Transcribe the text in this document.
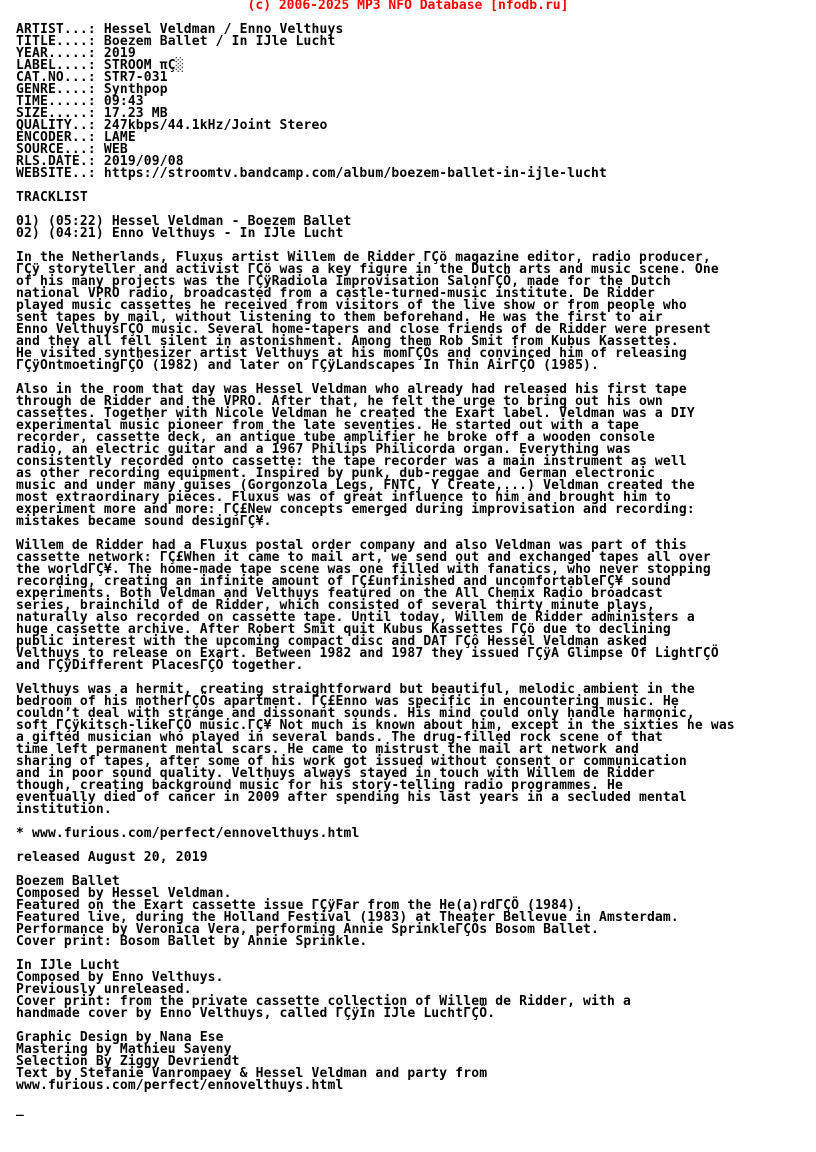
(c) 2006-2025 MP3 NFO Database [nfodb.ru]
ARTIST...: Hessel Veldman / Enno Velthuys
TITLE....: Boezem Ballet / In IJle Lucht
YEAR.....: 2019
LABEL....: STROOM πÇ░
CAT.NO...: STR7-031
GENRE....: Synthpop
TIME.....: 09:43
SIZE.....: 17.23 MB
QUALITY..: 247kbps/44.1kHz/Joint Stereo
ENCODER..: LAME
SOURCE...: WEB
RLS.DATE.: 2019/09/08
WEBSITE..: https://stroomtv.bandcamp.com/album/boezem-ballet-in-ijle-lucht

TRACKLIST

01) (05:22) Hessel Veldman - Boezem Ballet
02) (04:21) Enno Velthuys - In IJle Lucht

In the Netherlands, Fluxus artist Willem de Ridder ΓÇö magazine editor, radio producer,
ΓÇÿ storyteller and activist ΓÇö was a key figure in the Dutch arts and music scene. One
of his many projects was the ΓÇÿRadiola Improvisation SalonΓÇÖ, made for the Dutch
national VPRO radio, broadcasted from a castle-turned-music institute. De Ridder
played music cassettes he received from visitors of the live show or from people who
sent tapes by mail, without listening to them beforehand. He was the first to air
Enno VelthuysΓÇÖ music. Several home-tapers and close friends of de Ridder were present
and they all fell silent in astonishment. Among them Rob Smit from Kubus Kassettes.
He visited synthesizer artist Velthuys at his momΓÇÖs and convinced him of releasing
ΓÇÿOntmoetingΓÇÖ (1982) and later on ΓÇÿLandscapes In Thin AirΓÇÖ (1985).

Also in the room that day was Hessel Veldman who already had released his first tape
through de Ridder and the VPRO. After that, he felt the urge to bring out his own
cassettes. Together with Nicole Veldman he created the Exart label. Veldman was a DIY
experimental music pioneer from the late seventies. He started out with a tape
recorder, cassette deck, an antique tube amplifier he broke off a wooden console
radio, an electric guitar and a 1967 Philips Philicorda organ. Everything was
consistently recorded onto cassette: the tape recorder was a main instrument as well
as other recording equipment. Inspired by punk, dub-reggae and German electronic
music and under many guises (Gorgonzola Legs, FNTC, Y Create,...) Veldman created the
most extraordinary pieces. Fluxus was of great influence to him and brought him to
experiment more and more: ΓÇ£New concepts emerged during improvisation and recording:
mistakes became sound designΓÇ¥.

Willem de Ridder had a Fluxus postal order company and also Veldman was part of this
cassette network: ΓÇ£When it came to mail art, we send out and exchanged tapes all over
the worldΓÇ¥. The home-made tape scene was one filled with fanatics, who never stopping
recording, creating an infinite amount of ΓÇ£unfinished and uncomfortableΓÇ¥ sound
experiments. Both Veldman and Velthuys featured on the All Chemix Radio broadcast
series, brainchild of de Ridder, which consisted of several thirty minute plays,
naturally also recorded on cassette tape. Until today, Willem de Ridder administers a
huge cassette archive. After Robert Smit quit Kubus Kassettes ΓÇö due to declining
public interest with the upcoming compact disc and DAT ΓÇô Hessel Veldman asked
Velthuys to release on Exart. Between 1982 and 1987 they issued ΓÇÿA Glimpse Of LightΓÇÖ
and ΓÇÿDifferent PlacesΓÇÖ together.

Velthuys was a hermit, creating straightforward but beautiful, melodic ambient in the
bedroom of his motherΓÇÖs apartment. ΓÇ£Enno was specific in encountering music. He
couldn’t deal with strange and dissonant sounds. His mind could only handle harmonic,
soft ΓÇÿkitsch-likeΓÇÖ music.ΓÇ¥ Not much is known about him, except in the sixties he was
a gifted musician who played in several bands. The drug-filled rock scene of that
time left permanent mental scars. He came to mistrust the mail art network and
sharing of tapes, after some of his work got issued without consent or communication
and in poor sound quality. Velthuys always stayed in touch with Willem de Ridder
though, creating background music for his story-telling radio programmes. He
eventually died of cancer in 2009 after spending his last years in a secluded mental
institution.

* www.furious.com/perfect/ennovelthuys.html

released August 20, 2019

Boezem Ballet
Composed by Hessel Veldman.
Featured on the Exart cassette issue ΓÇÿFar from the He(a)rdΓÇÖ (1984).
Featured live, during the Holland Festival (1983) at Theater Bellevue in Amsterdam.
Performance by Veronica Vera, performing Annie SprinkleΓÇÖs Bosom Ballet.
Cover print: Bosom Ballet by Annie Sprinkle.

In IJle Lucht
Composed by Enno Velthuys.
Previously unreleased.
Cover print: from the private cassette collection of Willem de Ridder, with a
handmade cover by Enno Velthuys, called ΓÇÿIn IJle LuchtΓÇÖ.

Graphic Design by Nana Ese
Mastering by Mathieu Saveny
Selection By Ziggy Devriendt
Text by Stefanie Vanrompaey & Hessel Veldman and party from
www.furious.com/perfect/ennovelthuys.html

_
